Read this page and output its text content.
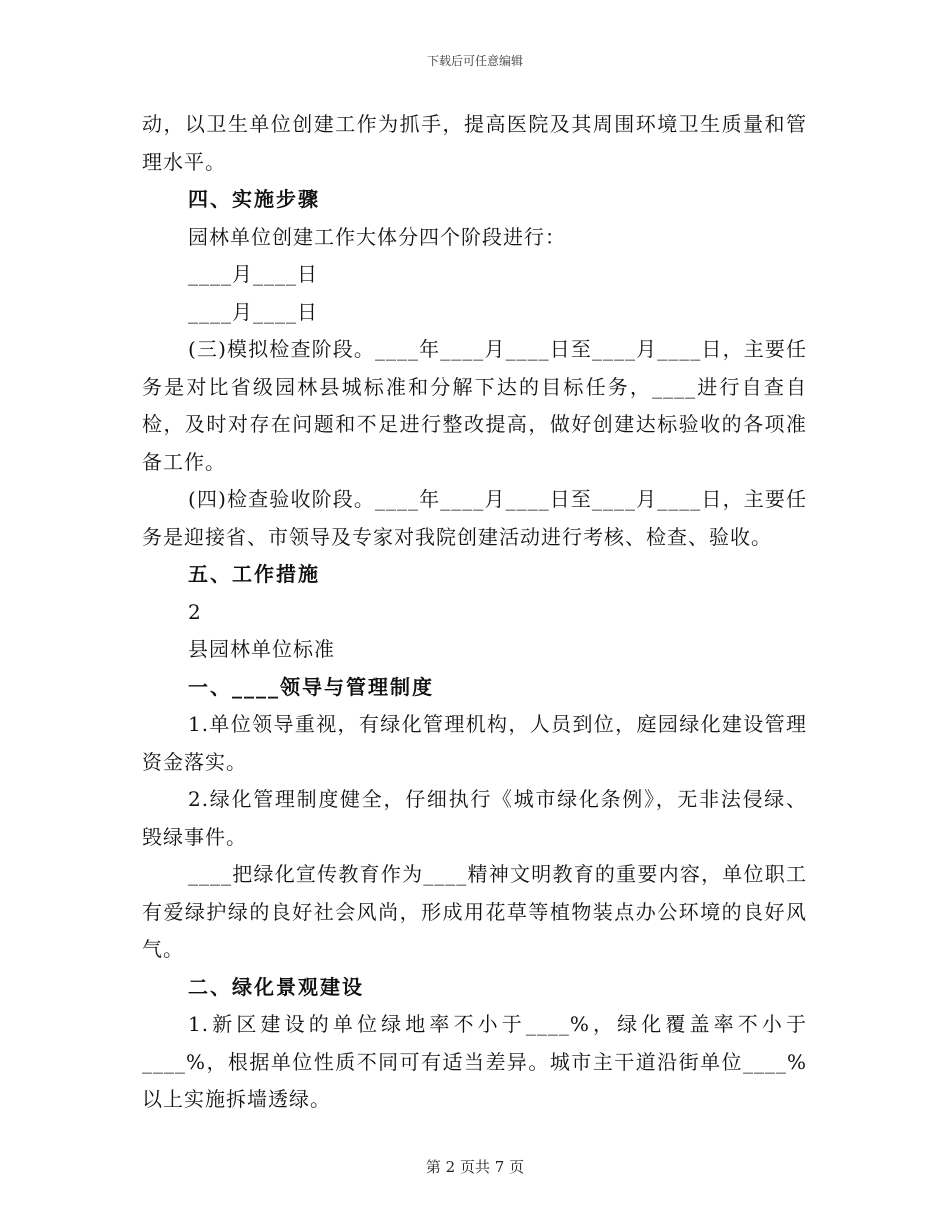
下载后可任意编辑

动，以卫生单位创建工作为抓手，提高医院及其周围环境卫生质量和管理水平。

四、实施步骤

园林单位创建工作大体分四个阶段进行：

____月____日

____月____日

(三)模拟检查阶段。____年____月____日至____月____日，主要任务是对比省级园林县城标准和分解下达的目标任务，____进行自查自检，及时对存在问题和不足进行整改提高，做好创建达标验收的各项准备工作。

(四)检查验收阶段。____年____月____日至____月____日，主要任务是迎接省、市领导及专家对我院创建活动进行考核、检查、验收。

五、工作措施

2

县园林单位标准

一、____领导与管理制度

1.单位领导重视，有绿化管理机构，人员到位，庭园绿化建设管理资金落实。

2.绿化管理制度健全，仔细执行《城市绿化条例》，无非法侵绿、毁绿事件。

____把绿化宣传教育作为____精神文明教育的重要内容，单位职工有爱绿护绿的良好社会风尚，形成用花草等植物装点办公环境的良好风气。

二、绿化景观建设

1.新区建设的单位绿地率不小于____%，绿化覆盖率不小于____%，根据单位性质不同可有适当差异。城市主干道沿街单位____%以上实施拆墙透绿。

第 2 页共 7 页
